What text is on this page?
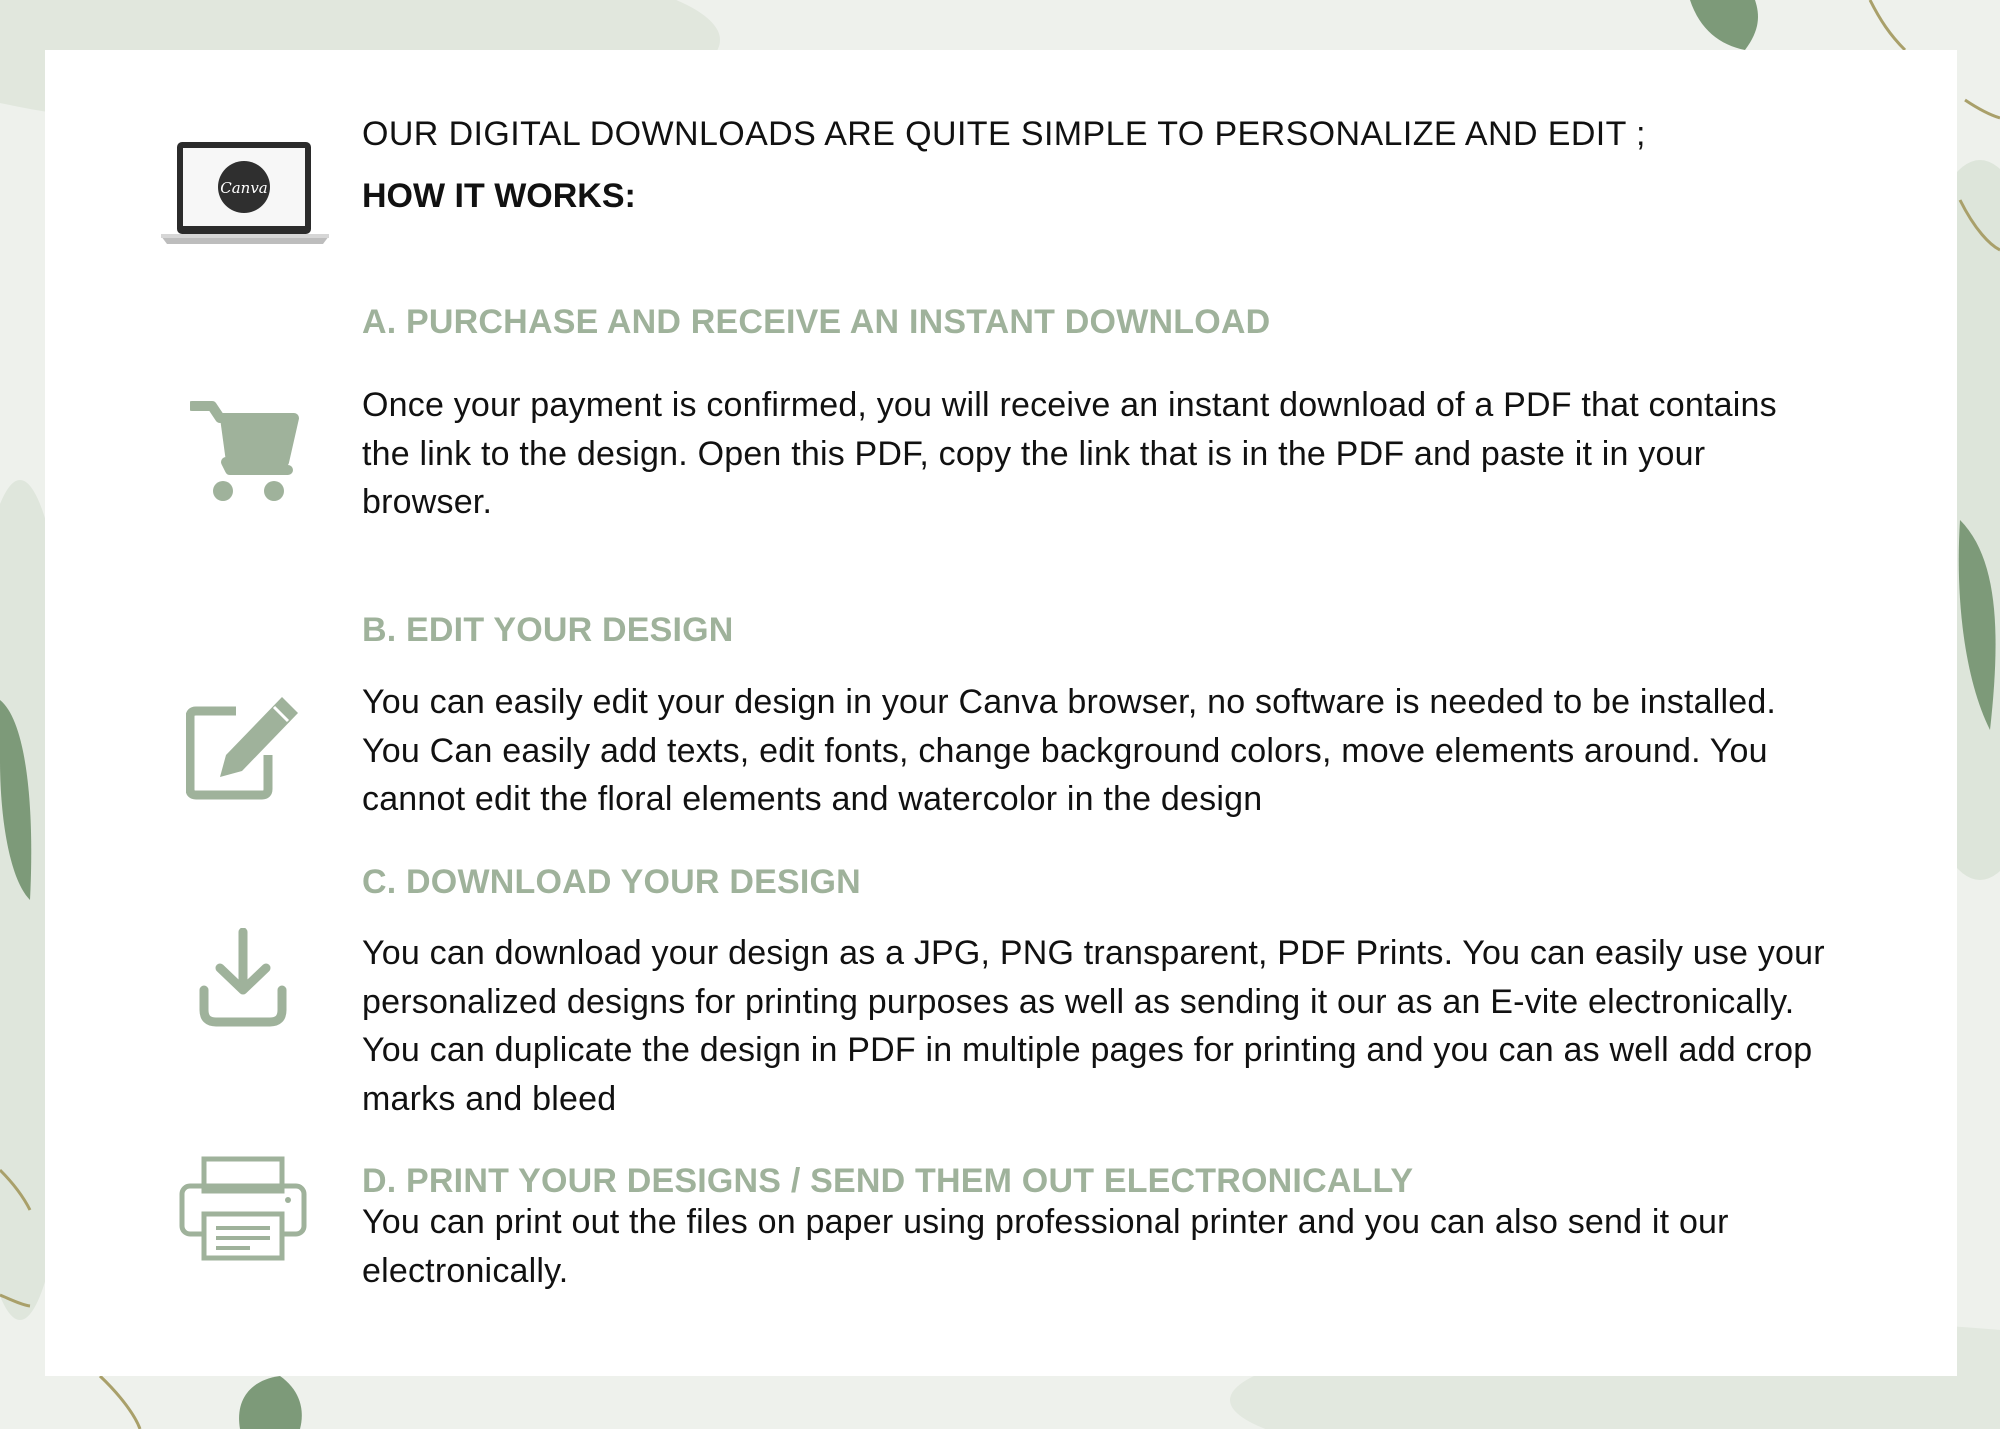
Canva
OUR DIGITAL DOWNLOADS ARE QUITE SIMPLE TO PERSONALIZE AND EDIT ;
HOW IT WORKS:
A. PURCHASE AND RECEIVE AN INSTANT DOWNLOAD
Once your payment is confirmed, you will receive an instant download of a PDF that contains the link to the design. Open this PDF, copy the link that is in the PDF and paste it in your browser.
B. EDIT YOUR DESIGN
You can easily edit your design in your Canva browser, no software is needed to be installed. You Can easily add texts, edit fonts, change background colors, move elements around. You cannot edit the floral elements and watercolor in the design
C. DOWNLOAD YOUR DESIGN
You can download your design as a JPG, PNG transparent, PDF Prints. You can easily use your personalized designs for printing purposes as well as sending it our as an E-vite electronically. You can duplicate the design in PDF in multiple pages for printing and you can as well add crop marks and bleed
D. PRINT YOUR DESIGNS / SEND THEM OUT ELECTRONICALLY
You can print out the files on paper using professional printer and you can also send it our electronically.
